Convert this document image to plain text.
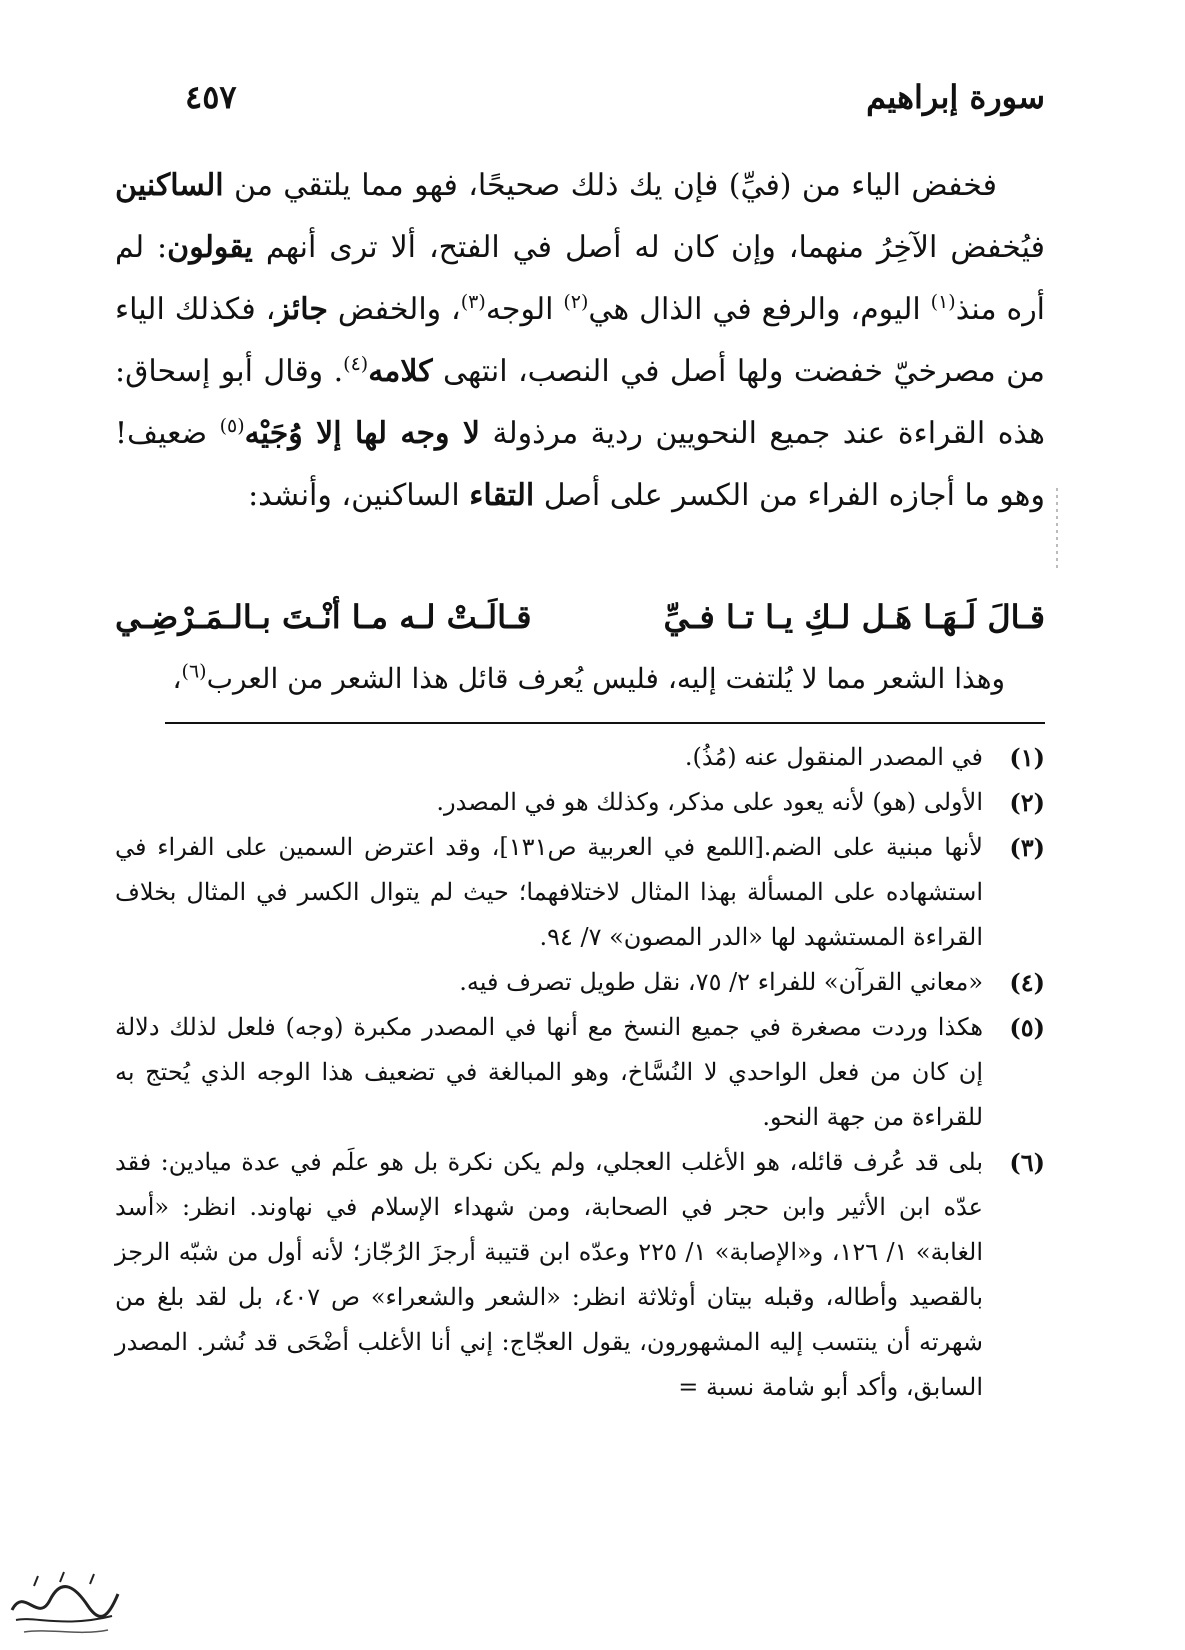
سورة إبراهيم
٤٥٧

فخفض الياء من (فيِّ) فإن يك ذلك صحيحًا، فهو مما يلتقي من الساكنين فيُخفض الآخِرُ منهما، وإن كان له أصل في الفتح، ألا ترى أنهم يقولون: لم أره منذ$^{(١)}$ اليوم، والرفع في الذال هي$^{(٢)}$ الوجه$^{(٣)}$، والخفض جائز، فكذلك الياء من مصرخيّ خفضت ولها أصل في النصب، انتهى كلامه$^{(٤)}$. وقال أبو إسحاق: هذه القراءة عند جميع النحويين ردية مرذولة لا وجه لها إلا وُجَيْه$^{(٥)}$ ضعيف! وهو ما أجازه الفراء من الكسر على أصل التقاء الساكنين، وأنشد:

قـالَ لَـهَـا هَـل لـكِ يـا تـا فـيِّ
قـالَـتْ لـه مـا أنْـتَ بـالـمَـرْضِـي
وهذا الشعر مما لا يُلتفت إليه، فليس يُعرف قائل هذا الشعر من العرب$^{(٦)}$،

(١)
في المصدر المنقول عنه (مُذُ).

(٢)
الأولى (هو) لأنه يعود على مذكر، وكذلك هو في المصدر.

(٣)
لأنها مبنية على الضم.[اللمع في العربية ص١٣١]، وقد اعترض السمين على الفراء في استشهاده على المسألة بهذا المثال لاختلافهما؛ حيث لم يتوال الكسر في المثال بخلاف القراءة المستشهد لها «الدر المصون» ٧/ ٩٤.

(٤)
«معاني القرآن» للفراء ٢/ ٧٥، نقل طويل تصرف فيه.

(٥)
هكذا وردت مصغرة في جميع النسخ مع أنها في المصدر مكبرة (وجه) فلعل لذلك دلالة إن كان من فعل الواحدي لا النُسَّاخ، وهو المبالغة في تضعيف هذا الوجه الذي يُحتج به للقراءة من جهة النحو.

(٦)
بلى قد عُرف قائله، هو الأغلب العجلي، ولم يكن نكرة بل هو علَم في عدة ميادين: فقد عدّه ابن الأثير وابن حجر في الصحابة، ومن شهداء الإسلام في نهاوند. انظر: «أسد الغابة» ١/ ١٢٦، و«الإصابة» ١/ ٢٢٥ وعدّه ابن قتيبة أرجزَ الرُجّاز؛ لأنه أول من شبّه الرجز بالقصيد وأطاله، وقبله بيتان أوثلاثة انظر: «الشعر والشعراء» ص ٤٠٧، بل لقد بلغ من شهرته أن ينتسب إليه المشهورون، يقول العجّاج: إني أنا الأغلب أضْحَى قد نُشر. المصدر السابق، وأكد أبو شامة نسبة =
